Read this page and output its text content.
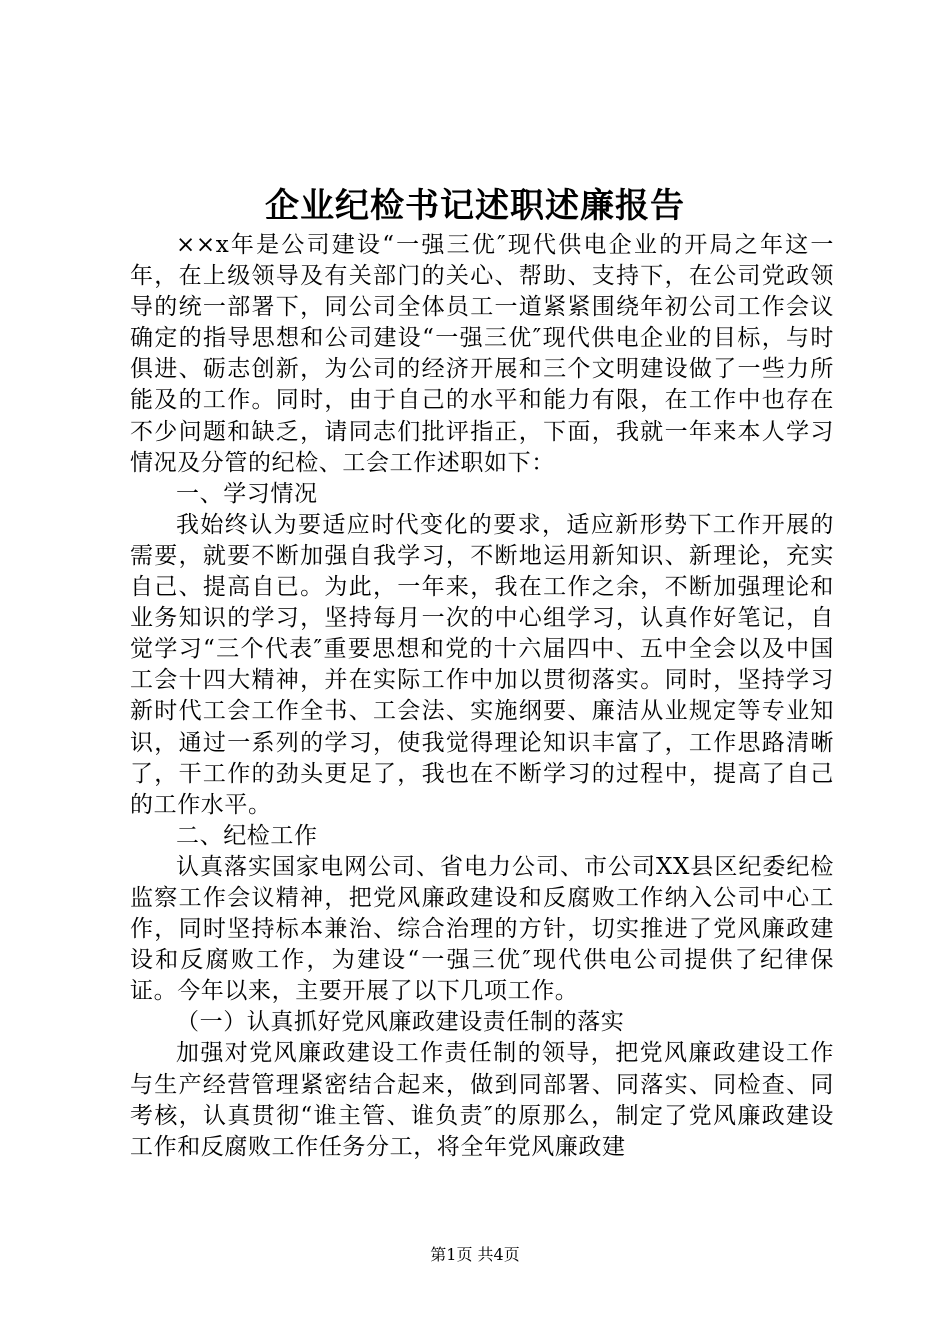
企业纪检书记述职述廉报告

××x年是公司建设“一强三优″现代供电企业的开局之年这一年，在上级领导及有关部门的关心、帮助、支持下，在公司党政领导的统一部署下，同公司全体员工一道紧紧围绕年初公司工作会议确定的指导思想和公司建设“一强三优″现代供电企业的目标，与时俱进、砺志创新，为公司的经济开展和三个文明建设做了一些力所能及的工作。同时，由于自己的水平和能力有限，在工作中也存在不少问题和缺乏，请同志们批评指正，下面，我就一年来本人学习情况及分管的纪检、工会工作述职如下：

一、学习情况

我始终认为要适应时代变化的要求，适应新形势下工作开展的需要，就要不断加强自我学习，不断地运用新知识、新理论，充实自己、提高自已。为此，一年来，我在工作之余，不断加强理论和业务知识的学习，坚持每月一次的中心组学习，认真作好笔记，自觉学习“三个代表″重要思想和党的十六届四中、五中全会以及中国工会十四大精神，并在实际工作中加以贯彻落实。同时，坚持学习新时代工会工作全书、工会法、实施纲要、廉洁从业规定等专业知识，通过一系列的学习，使我觉得理论知识丰富了，工作思路清晰了，干工作的劲头更足了，我也在不断学习的过程中，提高了自己的工作水平。

二、纪检工作

认真落实国家电网公司、省电力公司、市公司XX县区纪委纪检监察工作会议精神，把党风廉政建设和反腐败工作纳入公司中心工作，同时坚持标本兼治、综合治理的方针，切实推进了党风廉政建设和反腐败工作，为建设“一强三优″现代供电公司提供了纪律保证。今年以来，主要开展了以下几项工作。

（一）认真抓好党风廉政建设责任制的落实

加强对党风廉政建设工作责任制的领导，把党风廉政建设工作与生产经营管理紧密结合起来，做到同部署、同落实、同检查、同考核，认真贯彻“谁主管、谁负责″的原那么，制定了党风廉政建设工作和反腐败工作任务分工，将全年党风廉政建

第1页 共4页
